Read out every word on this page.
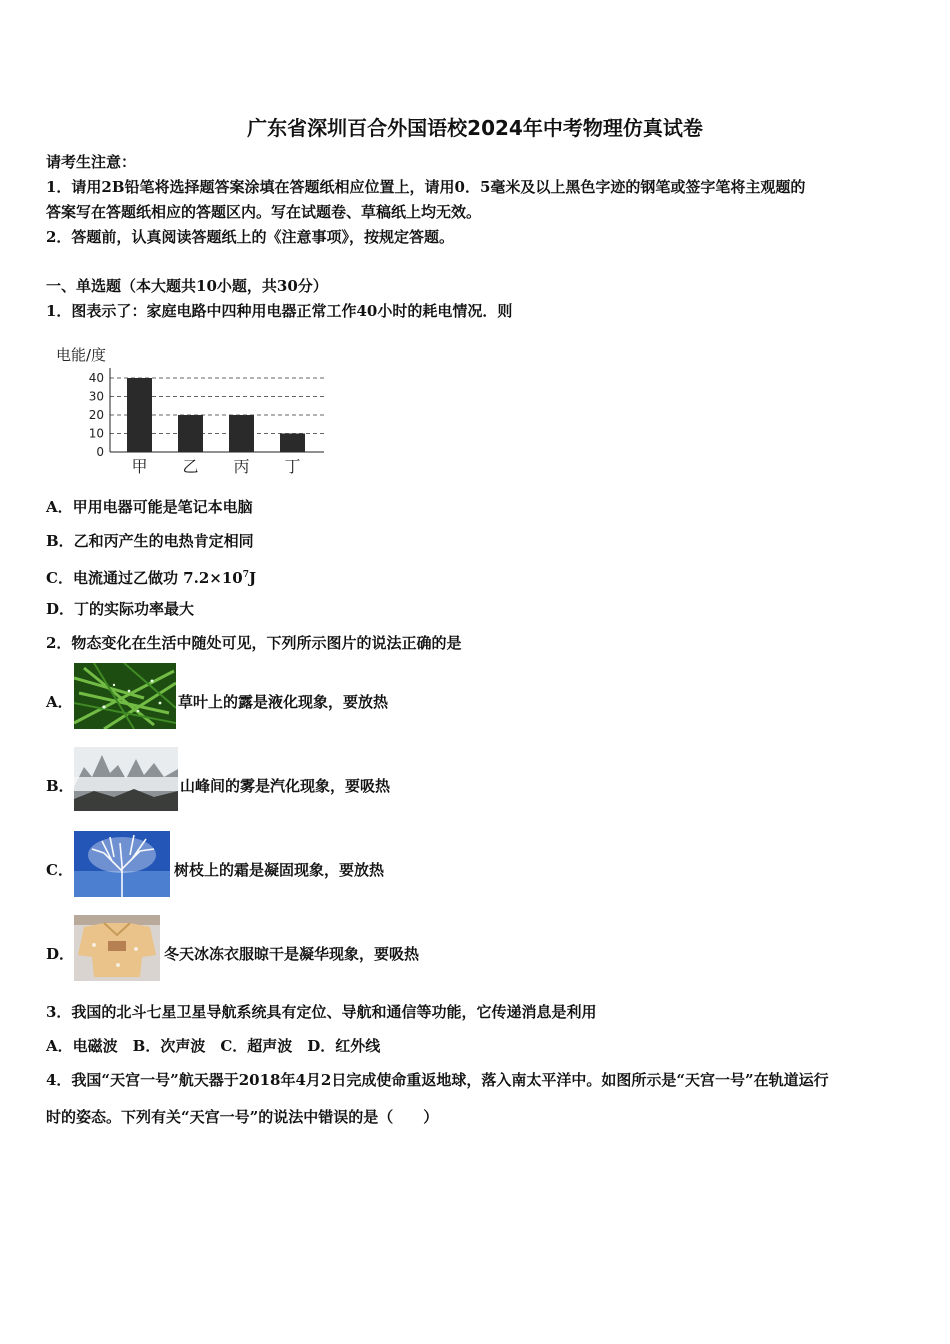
广东省深圳百合外国语校2024年中考物理仿真试卷
请考生注意：
1．请用2B铅笔将选择题答案涂填在答题纸相应位置上，请用0．5毫米及以上黑色字迹的钢笔或签字笔将主观题的
答案写在答题纸相应的答题区内。写在试题卷、草稿纸上均无效。
2．答题前，认真阅读答题纸上的《注意事项》，按规定答题。
一、单选题（本大题共10小题，共30分）
1．图表示了：家庭电路中四种用电器正常工作40小时的耗电情况．则
电能/度
0
10
20
30
40
甲 乙 丙 丁
A．甲用电器可能是笔记本电脑
B．乙和丙产生的电热肯定相同
C．电流通过乙做功 $7.2\times 10^7J$
D．丁的实际功率最大
2．物态变化在生活中随处可见，下列所示图片的说法正确的是
A．	草叶上的露是液化现象，要放热
B．	山峰间的雾是汽化现象，要吸热
C．	树枝上的霜是凝固现象，要放热
D．	冬天冰冻衣服晾干是凝华现象，要吸热
3．我国的北斗七星卫星导航系统具有定位、导航和通信等功能，它传递消息是利用
A．电磁波　B．次声波　C．超声波　D．红外线
4．我国“天宫一号”航天器于2018年4月2日完成使命重返地球，落入南太平洋中。如图所示是“天宫一号”在轨道运行
时的姿态。下列有关“天宫一号”的说法中错误的是（　　）
